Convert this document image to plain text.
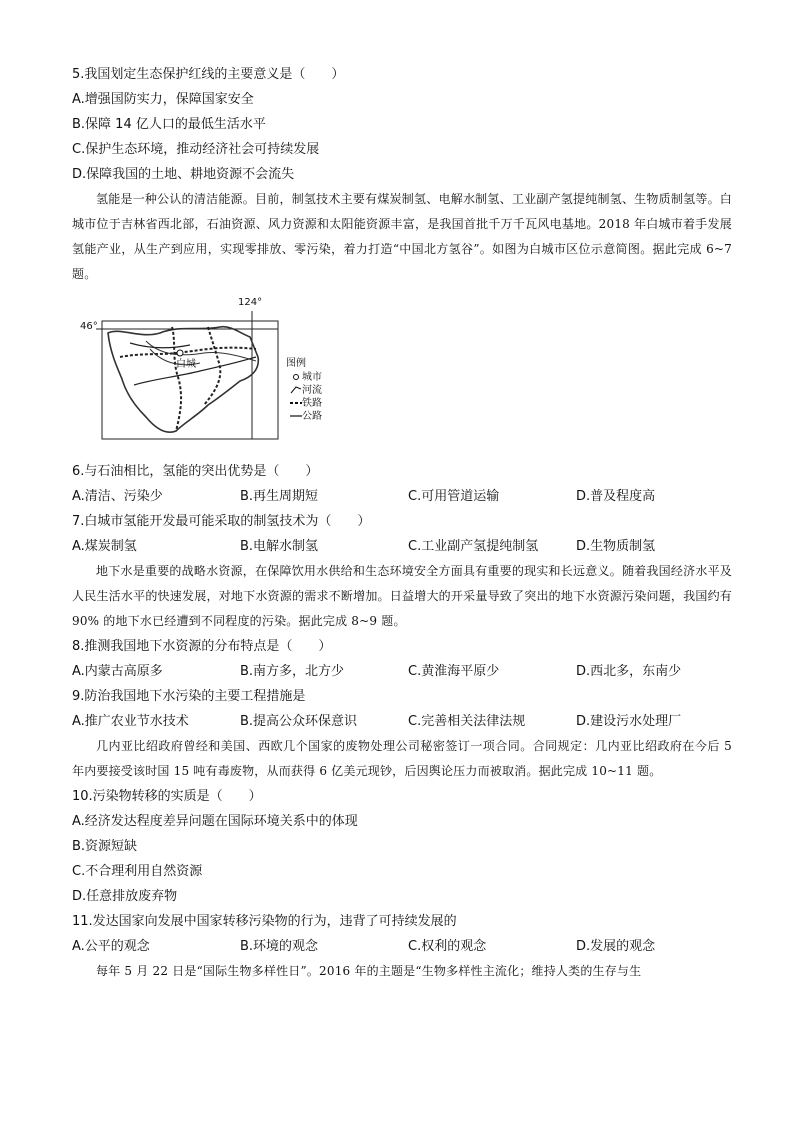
5.我国划定生态保护红线的主要意义是（　　）
A.增强国防实力，保障国家安全
B.保障 14 亿人口的最低生活水平
C.保护生态环境，推动经济社会可持续发展
D.保障我国的土地、耕地资源不会流失

氢能是一种公认的清洁能源。目前，制氢技术主要有煤炭制氢、电解水制氢、工业副产氢提纯制氢、生物质制氢等。白城市位于吉林省西北部，石油资源、风力资源和太阳能资源丰富，是我国首批千万千瓦风电基地。2018 年白城市着手发展氢能产业，从生产到应用，实现零排放、零污染，着力打造“中国北方氢谷”。如图为白城市区位示意简图。据此完成 6~7 题。

124°
46°
白城	图例
城市
河流
铁路
公路
6.与石油相比，氢能的突出优势是（　　）
A.清洁、污染少	B.再生周期短	C.可用管道运输	D.普及程度高
7.白城市氢能开发最可能采取的制氢技术为（　　）
A.煤炭制氢	B.电解水制氢	C.工业副产氢提纯制氢	D.生物质制氢

地下水是重要的战略水资源，在保障饮用水供给和生态环境安全方面具有重要的现实和长远意义。随着我国经济水平及人民生活水平的快速发展，对地下水资源的需求不断增加。日益增大的开采量导致了突出的地下水资源污染问题，我国约有 90% 的地下水已经遭到不同程度的污染。据此完成 8~9 题。

8.推测我国地下水资源的分布特点是（　　）
A.内蒙古高原多	B.南方多，北方少	C.黄淮海平原少	D.西北多，东南少
9.防治我国地下水污染的主要工程措施是
A.推广农业节水技术	B.提高公众环保意识	C.完善相关法律法规	D.建设污水处理厂

几内亚比绍政府曾经和美国、西欧几个国家的废物处理公司秘密签订一项合同。合同规定：几内亚比绍政府在今后 5 年内要接受该时国 15 吨有毒废物，从而获得 6 亿美元现钞，后因舆论压力而被取消。据此完成 10~11 题。

10.污染物转移的实质是（　　）
A.经济发达程度差异问题在国际环境关系中的体现
B.资源短缺
C.不合理利用自然资源
D.任意排放废弃物
11.发达国家向发展中国家转移污染物的行为，违背了可持续发展的
A.公平的观念	B.环境的观念	C.权利的观念	D.发展的观念

每年 5 月 22 日是“国际生物多样性日”。2016 年的主题是“生物多样性主流化；维持人类的生存与生
